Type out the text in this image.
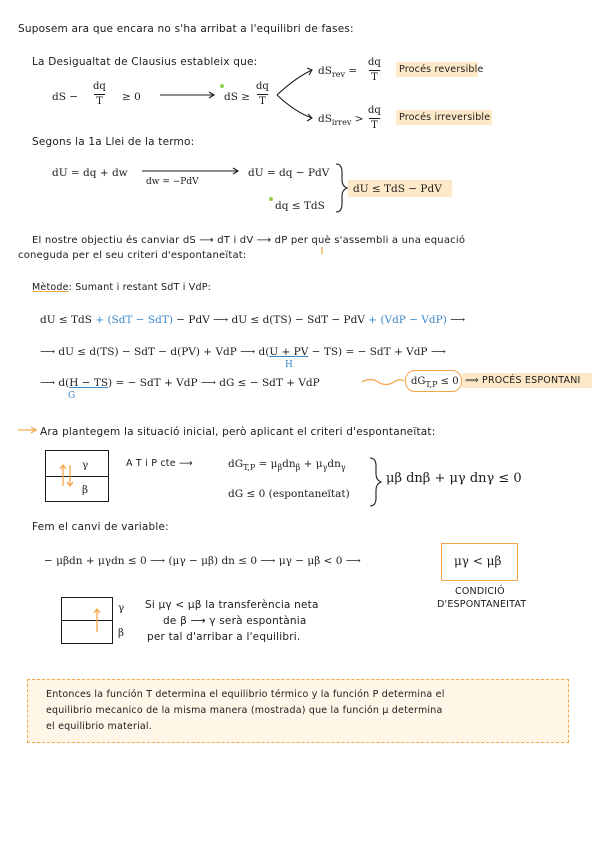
Suposem ara que encara no s'ha arribat a l'equilibri de fases:
La Desigualtat de Clausius estableix que:
dS − $\frac{dq}{T} \ge 0$	dS ≥ $\frac{dq}{T}$
$dS_{rev} = \frac{dq}{T}$ Procés reversible
$dS_{irrev} > \frac{dq}{T}$ Procés irreversible
Segons la 1a Llei de la termo:
dU = dq + dw
dw = −PdV
dU = dq − PdV
dq ≤ TdS
dU ≤ TdS − PdV
El nostre objectiu és canviar dS ⟶ dT i dV ⟶ dP per què s'assembli a una equació
coneguda per el seu criteri d'espontaneïtat:
Mètode: Sumant i restant SdT i VdP:
dU ≤ TdS + (SdT − SdT) − PdV ⟶ dU ≤ d(TS) − SdT − PdV + (VdP − VdP) ⟶
⟶ dU ≤ d(TS) − SdT − d(PV) + VdP ⟶ d(U + PV − TS) = − SdT + VdP ⟶
H
⟶ d(H − TS) = − SdT + VdP ⟶ dG ≤ − SdT + VdP
G
$dG_{T,P} \le 0$ ⟹ PROCÉS ESPONTANI
Ara plantegem la situació inicial, però aplicant el criteri d'espontaneïtat:
γ
β
A T i P cte ⟶	$dG_{T,P} = \mu_\beta dn_\beta + \mu_\gamma dn_\gamma$
dG ≤ 0 (espontaneïtat)
μβ dnβ + μγ dnγ ≤ 0
Fem el canvi de variable:
− μβdn + μγdn ≤ 0 ⟶ (μγ − μβ) dn ≤ 0 ⟶ μγ − μβ < 0 ⟶	μγ < μβ
CONDICIÓ
D'ESPONTANEITAT
γ
β
Si μγ < μβ la transferència neta
de β ⟶ γ serà espontània
per tal d'arribar a l'equilibri.
Entonces la función T determina el equilibrio térmico y la función P determina el
equilibrio mecanico de la misma manera (mostrada) que la función μ determina
el equilibrio material.
